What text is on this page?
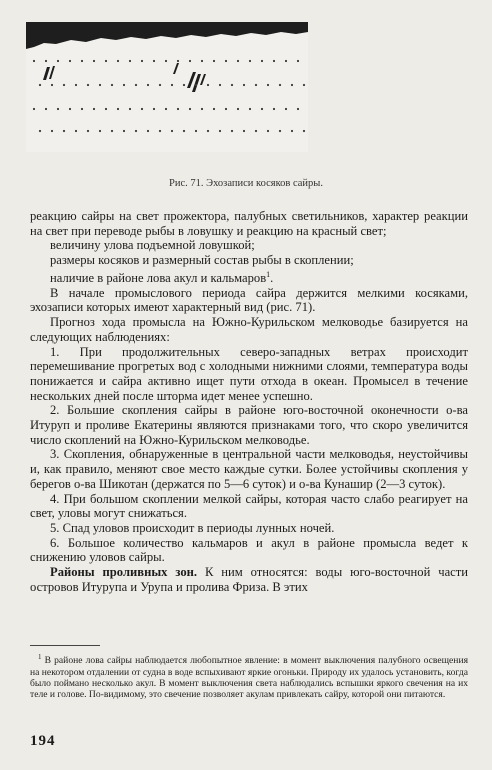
Рис. 71. Эхозаписи косяков сайры.

реакцию сайры на свет прожектора, палубных светильников, характер реакции на свет при переводе рыбы в ловушку и реакцию на красный свет;

величину улова подъемной ловушкой;

размеры косяков и размерный состав рыбы в скоплении;

наличие в районе лова акул и кальмаров$^1$.

В начале промыслового периода сайра держится мелкими косяками, эхозаписи которых имеют характерный вид (рис. 71).

Прогноз хода промысла на Южно-Курильском мелководье базируется на следующих наблюдениях:

1. При продолжительных северо-западных ветрах происходит перемешивание прогретых вод с холодными нижними слоями, температура воды понижается и сайра активно ищет пути отхода в океан. Промысел в течение нескольких дней после шторма идет менее успешно.

2. Большие скопления сайры в районе юго-восточной оконечности о-ва Итуруп и проливе Екатерины являются признаками того, что скоро увеличится число скоплений на Южно-Курильском мелководье.

3. Скопления, обнаруженные в центральной части мелководья, неустойчивы и, как правило, меняют свое место каждые сутки. Более устойчивы скопления у берегов о-ва Шикотан (держатся по 5—6 суток) и о-ва Кунашир (2—3 суток).

4. При большом скоплении мелкой сайры, которая часто слабо реагирует на свет, уловы могут снижаться.

5. Спад уловов происходит в периоды лунных ночей.

6. Большое количество кальмаров и акул в районе промысла ведет к снижению уловов сайры.

Районы проливных зон. К ним относятся: воды юго-восточной части островов Итурупа и Урупа и пролива Фриза. В этих

$^1$ В районе лова сайры наблюдается любопытное явление: в момент выключения палубного освещения на некотором отдалении от судна в воде вспыхивают яркие огоньки. Природу их удалось установить, когда было поймано несколько акул. В момент выключения света наблюдались вспышки яркого свечения на их теле и голове. По-видимому, это свечение позволяет акулам привлекать сайру, которой они питаются.

194
